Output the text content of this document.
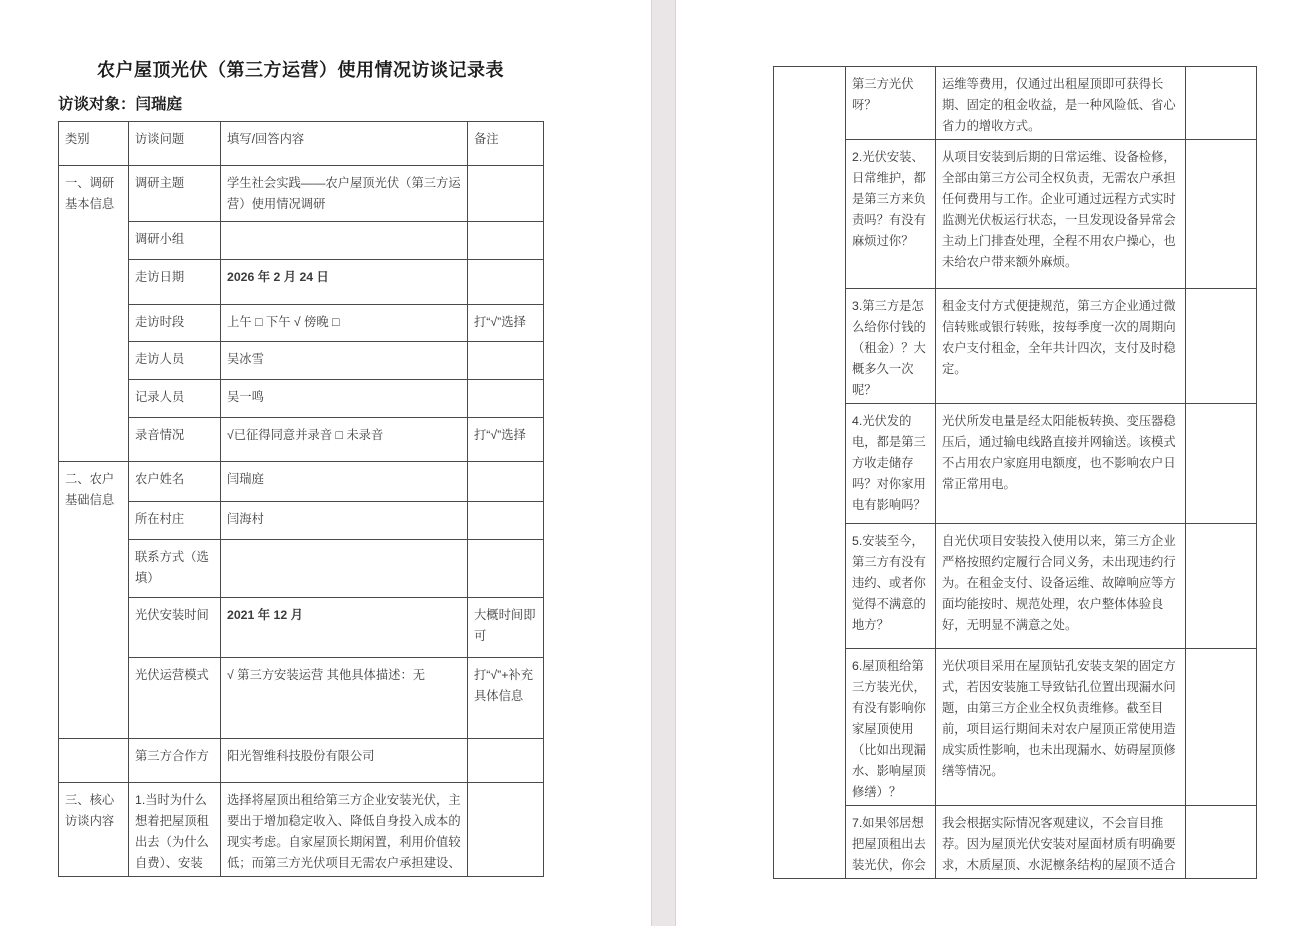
农户屋顶光伏（第三方运营）使用情况访谈记录表
访谈对象：闫瑞庭
类别	访谈问题	填写/回答内容	备注
一、调研基本信息	调研主题	学生社会实践——农户屋顶光伏（第三方运营）使用情况调研	
	调研小组		
	走访日期	2026 年 2 月 24 日	
	走访时段	上午 □ 下午 √ 傍晚 □	打“√”选择
	走访人员	吴冰雪	
	记录人员	吴一鸣	
	录音情况	√已征得同意并录音 □ 未录音	打“√”选择
二、农户基础信息	农户姓名	闫瑞庭	
	所在村庄	闫海村	
	联系方式（选填）		
	光伏安装时间	2021 年 12 月	大概时间即可
	光伏运营模式	√ 第三方安装运营 其他具体描述：无	打“√”+补充具体信息
	第三方合作方	阳光智维科技股份有限公司	
三、核心访谈内容	1.当时为什么想着把屋顶租出去（为什么自费）、安装	选择将屋顶出租给第三方企业安装光伏，主要出于增加稳定收入、降低自身投入成本的现实考虑。自家屋顶长期闲置，利用价值较低；而第三方光伏项目无需农户承担建设、	
	第三方光伏呀？	运维等费用，仅通过出租屋顶即可获得长期、固定的租金收益，是一种风险低、省心省力的增收方式。	
	2.光伏安装、日常维护，都是第三方来负责吗？有没有麻烦过你？	从项目安装到后期的日常运维、设备检修，全部由第三方公司全权负责，无需农户承担任何费用与工作。企业可通过远程方式实时监测光伏板运行状态，一旦发现设备异常会主动上门排查处理，全程不用农户操心，也未给农户带来额外麻烦。	
	3.第三方是怎么给你付钱的（租金）？大概多久一次呢？	租金支付方式便捷规范，第三方企业通过微信转账或银行转账，按每季度一次的周期向农户支付租金，全年共计四次，支付及时稳定。	
	4.光伏发的电，都是第三方收走储存吗？对你家用电有影响吗？	光伏所发电量是经太阳能板转换、变压器稳压后，通过输电线路直接并网输送。该模式不占用农户家庭用电额度，也不影响农户日常正常用电。	
	5.安装至今，第三方有没有违约、或者你觉得不满意的地方？	自光伏项目安装投入使用以来，第三方企业严格按照约定履行合同义务，未出现违约行为。在租金支付、设备运维、故障响应等方面均能按时、规范处理，农户整体体验良好，无明显不满意之处。	
	6.屋顶租给第三方装光伏，有没有影响你家屋顶使用（比如出现漏水、影响屋顶修缮）？	光伏项目采用在屋顶钻孔安装支架的固定方式，若因安装施工导致钻孔位置出现漏水问题，由第三方企业全权负责维修。截至目前，项目运行期间未对农户屋顶正常使用造成实质性影响，也未出现漏水、妨碍屋顶修缮等情况。	
	7.如果邻居想把屋顶租出去装光伏，你会	我会根据实际情况客观建议，不会盲目推荐。因为屋顶光伏安装对屋面材质有明确要求，木质屋顶、水泥檩条结构的屋顶不适合	
